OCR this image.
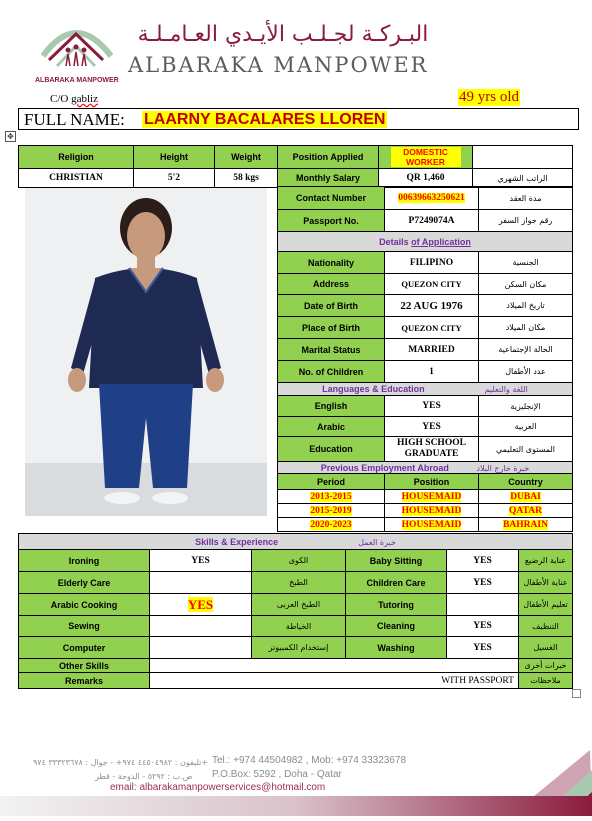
ALBARAKA MANPOWER
البـركـة لجـلـب الأيـدي العـامـلـة
ALBARAKA MANPOWER
C/O gabliz	49 yrs old
FULL NAME: LAARNY BACALARES LLOREN
✥
Religion	Height	Weight	Position Applied	DOMESTIC WORKER	
CHRISTIAN	5'2	58 kgs	Monthly Salary	QR 1,460	الراتب الشهري
Contact Number	00639663250621	مدة العقد
Passport No.	P7249074A	رقم جواز السفر
Details of Application		
Nationality	FILIPINO	الجنسية
Address	QUEZON CITY	مكان السكن
Date of Birth	22 AUG 1976	تاريخ الميلاد
Place of Birth	QUEZON CITY	مكان الميلاد
Marital Status	MARRIED	الحالة الإجتماعية
No. of Children	1	عدد الأطفال
Languages & Education اللغة والتعليم		
English	YES	الإنجليزية
Arabic	YES	العربية
Education	HIGH SCHOOL GRADUATE	المستوى التعليمي
Previous Employment Abroad خبرة خارج البلاد		
Period	Position	Country
2013-2015	HOUSEMAID	DUBAI
2015-2019	HOUSEMAID	QATAR
2020-2023	HOUSEMAID	BAHRAIN
Skills & Experience خبرة العمل					
Ironing	YES	الكوى	Baby Sitting	YES	عناية الرضيع
Elderly Care		الطبخ	Children Care	YES	عناية الأطفال
Arabic Cooking	YES	الطبخ العربى	Tutoring		تعليم الأطفال
Sewing		الخياطة	Cleaning	YES	التنظيف
Computer		إستخدام الكمبيوتر	Washing	YES	الغسيل
Other Skills					خبرات أخرى
Remarks	WITH PASSPORT				ملاحظات
تليفون : ٤٤٥٠٤٩٨٢ ٩٧٤+ - جوال : ٣٣٣٢٣٦٧٨ ٩٧٤+
ص.ب : ٥٢٩٢ - الدوحة - قطر
Tel.: +974 44504982 , Mob: +974 33323678
P.O.Box: 5292 , Doha - Qatar
email: albarakamanpowerservices@hotmail.com
